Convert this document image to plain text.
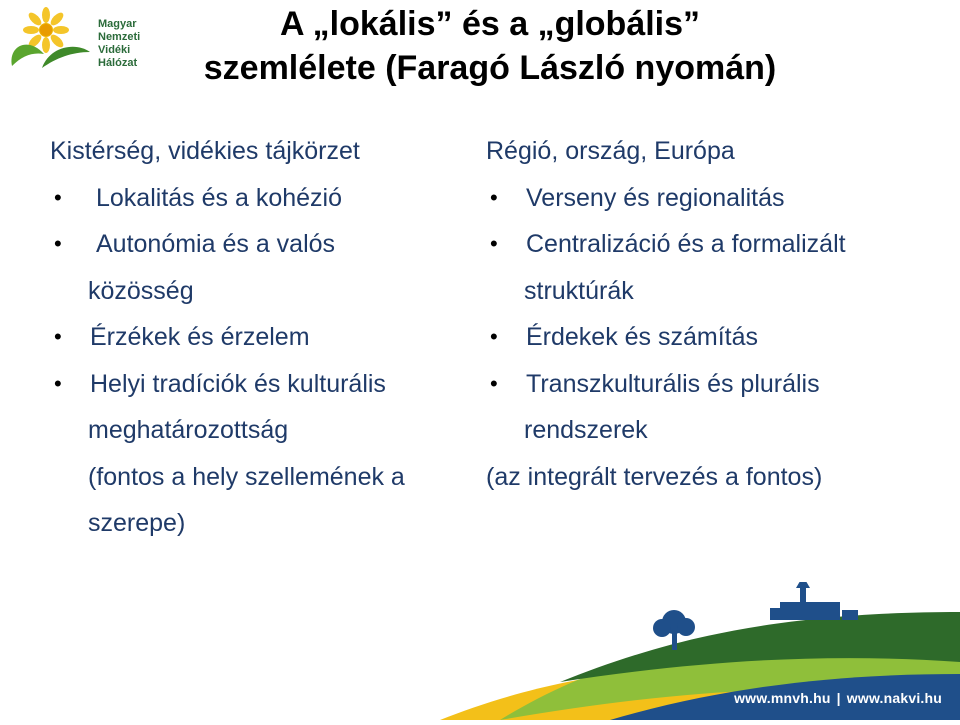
Magyar
Nemzeti
Vidéki
Hálózat
A „lokális” és a „globális”
szemlélete (Faragó László nyomán)

Kistérség, vidékies tájkörzet

• Lokalitás és a kohézió

• Autonómia és a valós

közösség

• Érzékek és érzelem

• Helyi tradíciók és kulturális

meghatározottság

(fontos a hely szellemének a

szerepe)

Régió, ország, Európa

• Verseny és regionalitás

• Centralizáció és a formalizált

struktúrák

• Érdekek és számítás

• Transzkulturális és plurális

rendszerek

(az integrált tervezés a fontos)

www.mnvh.hu | www.nakvi.hu
